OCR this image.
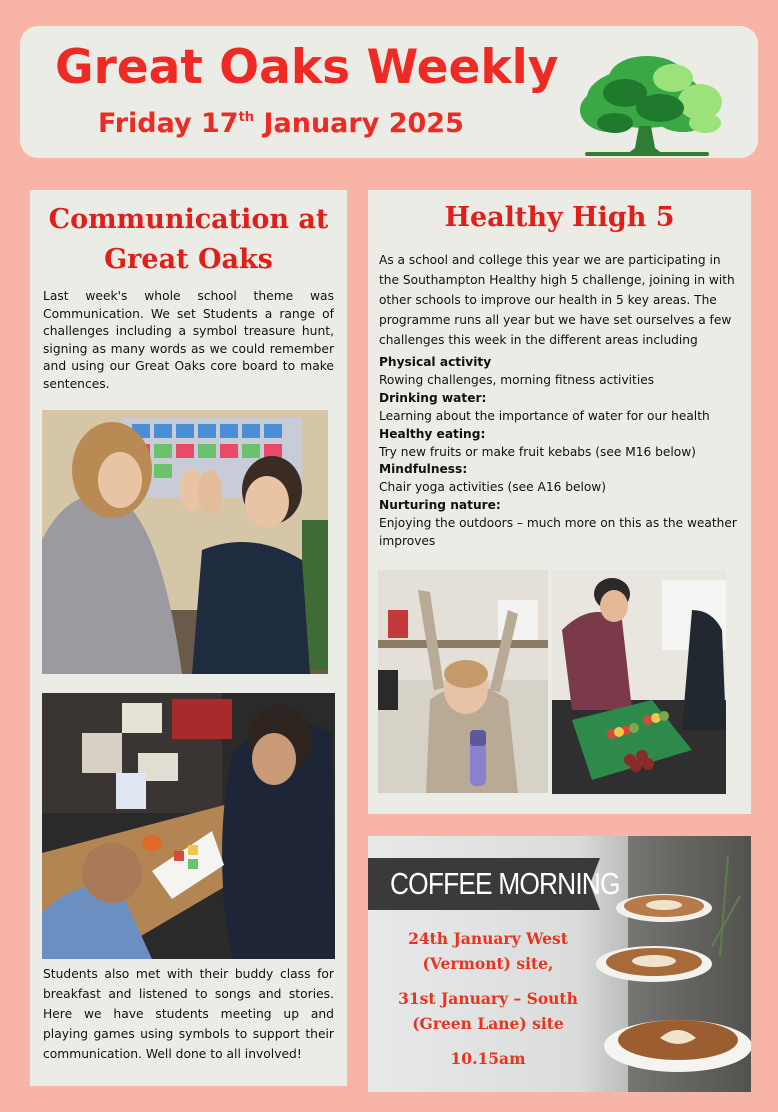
Great Oaks Weekly
Friday 17th January 2025
Communication at Great Oaks
Last week's whole school theme was Communication. We set Students a range of challenges including a symbol treasure hunt, signing as many words as we could remember and using our Great Oaks core board to make sentences.
Students also met with their buddy class for breakfast and listened to songs and stories. Here we have students meeting up and playing games using symbols to support their communication. Well done to all involved!
Healthy High 5
As a school and college this year we are participating in the Southampton Healthy high 5 challenge, joining in with other schools to improve our health in 5 key areas. The programme runs all year but we have set ourselves a few challenges this week in the different areas including
Physical activity
Rowing challenges, morning fitness activities
Drinking water:
Learning about the importance of water for our health
Healthy eating:
Try new fruits or make fruit kebabs (see M16 below)
Mindfulness:
Chair yoga activities (see A16 below)
Nurturing nature:
Enjoying the outdoors – much more on this as the weather improves
COFFEE MORNING
24th January West (Vermont) site,
31st January – South (Green Lane) site
10.15am
